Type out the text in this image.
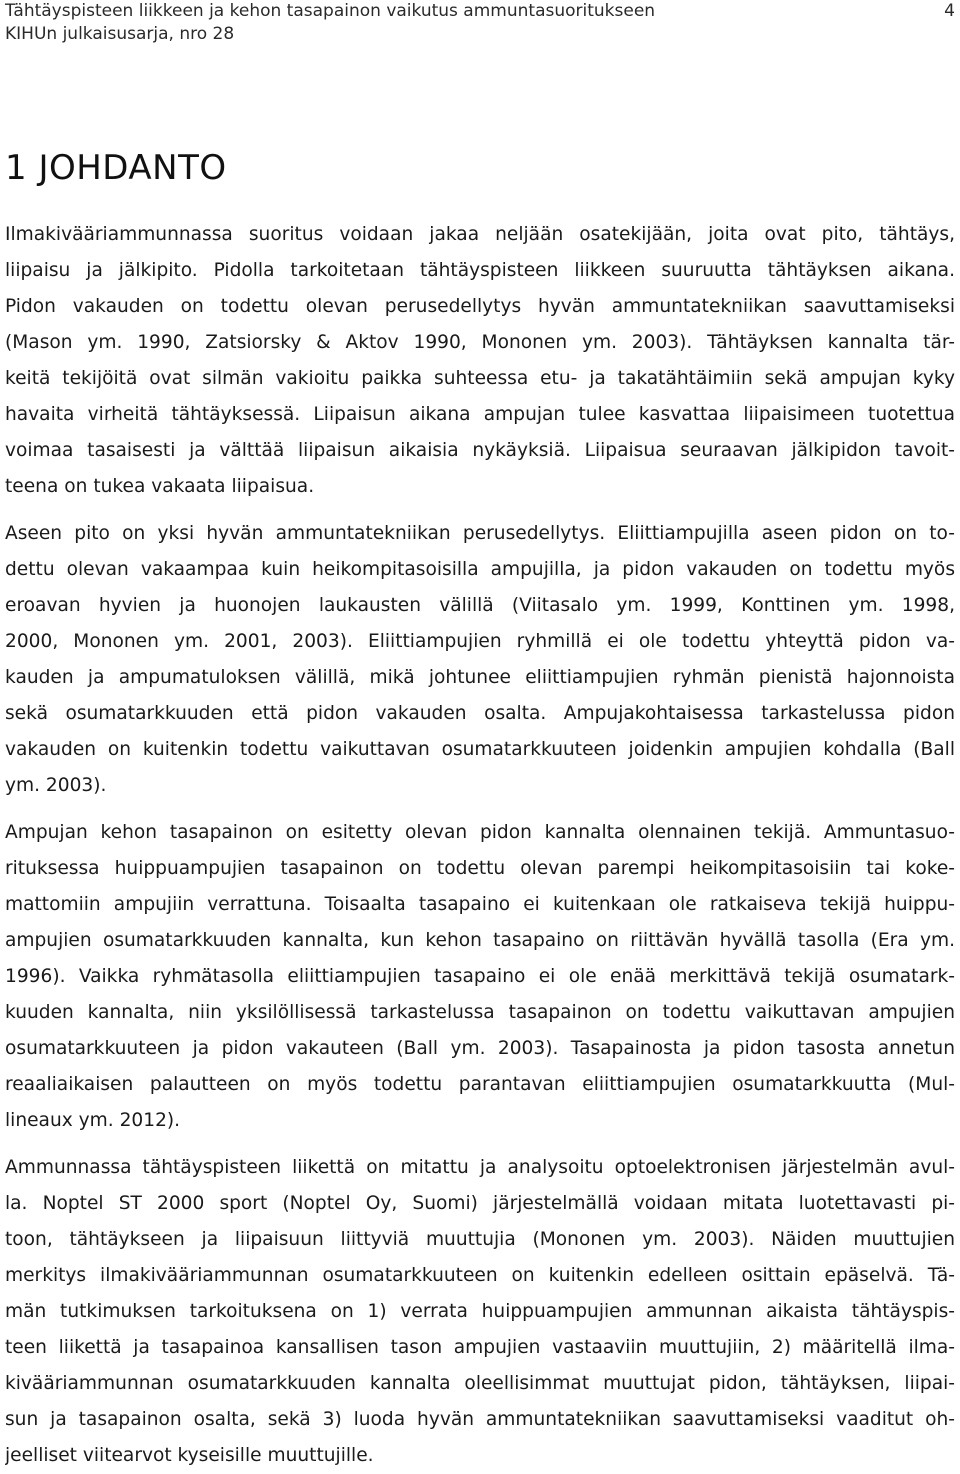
Tähtäyspisteen liikkeen ja kehon tasapainon vaikutus ammuntasuoritukseen
KIHUn julkaisusarja, nro 28
4
1 JOHDANTO

Ilmakivääriammunnassa suoritus voidaan jakaa neljään osatekijään, joita ovat pito, tähtäys,
liipaisu ja jälkipito. Pidolla tarkoitetaan tähtäyspisteen liikkeen suuruutta tähtäyksen aikana.
Pidon vakauden on todettu olevan perusedellytys hyvän ammuntatekniikan saavuttamiseksi
(Mason ym. 1990, Zatsiorsky & Aktov 1990, Mononen ym. 2003). Tähtäyksen kannalta tär-
keitä tekijöitä ovat silmän vakioitu paikka suhteessa etu- ja takatähtäimiin sekä ampujan kyky
havaita virheitä tähtäyksessä. Liipaisun aikana ampujan tulee kasvattaa liipaisimeen tuotettua
voimaa tasaisesti ja välttää liipaisun aikaisia nykäyksiä. Liipaisua seuraavan jälkipidon tavoit-
teena on tukea vakaata liipaisua.

Aseen pito on yksi hyvän ammuntatekniikan perusedellytys. Eliittiampujilla aseen pidon on to-
dettu olevan vakaampaa kuin heikompitasoisilla ampujilla, ja pidon vakauden on todettu myös
eroavan hyvien ja huonojen laukausten välillä (Viitasalo ym. 1999, Konttinen ym. 1998,
2000, Mononen ym. 2001, 2003). Eliittiampujien ryhmillä ei ole todettu yhteyttä pidon va-
kauden ja ampumatuloksen välillä, mikä johtunee eliittiampujien ryhmän pienistä hajonnoista
sekä osumatarkkuuden että pidon vakauden osalta. Ampujakohtaisessa tarkastelussa pidon
vakauden on kuitenkin todettu vaikuttavan osumatarkkuuteen joidenkin ampujien kohdalla (Ball
ym. 2003).

Ampujan kehon tasapainon on esitetty olevan pidon kannalta olennainen tekijä. Ammuntasuo-
rituksessa huippuampujien tasapainon on todettu olevan parempi heikompitasoisiin tai koke-
mattomiin ampujiin verrattuna. Toisaalta tasapaino ei kuitenkaan ole ratkaiseva tekijä huippu-
ampujien osumatarkkuuden kannalta, kun kehon tasapaino on riittävän hyvällä tasolla (Era ym.
1996). Vaikka ryhmätasolla eliittiampujien tasapaino ei ole enää merkittävä tekijä osumatark-
kuuden kannalta, niin yksilöllisessä tarkastelussa tasapainon on todettu vaikuttavan ampujien
osumatarkkuuteen ja pidon vakauteen (Ball ym. 2003). Tasapainosta ja pidon tasosta annetun
reaaliaikaisen palautteen on myös todettu parantavan eliittiampujien osumatarkkuutta (Mul-
lineaux ym. 2012).

Ammunnassa tähtäyspisteen liikettä on mitattu ja analysoitu optoelektronisen järjestelmän avul-
la. Noptel ST 2000 sport (Noptel Oy, Suomi) järjestelmällä voidaan mitata luotettavasti pi-
toon, tähtäykseen ja liipaisuun liittyviä muuttujia (Mononen ym. 2003). Näiden muuttujien
merkitys ilmakivääriammunnan osumatarkkuuteen on kuitenkin edelleen osittain epäselvä. Tä-
män tutkimuksen tarkoituksena on 1) verrata huippuampujien ammunnan aikaista tähtäyspis-
teen liikettä ja tasapainoa kansallisen tason ampujien vastaaviin muuttujiin, 2) määritellä ilma-
kivääriammunnan osumatarkkuuden kannalta oleellisimmat muuttujat pidon, tähtäyksen, liipai-
sun ja tasapainon osalta, sekä 3) luoda hyvän ammuntatekniikan saavuttamiseksi vaaditut oh-
jeelliset viitearvot kyseisille muuttujille.
